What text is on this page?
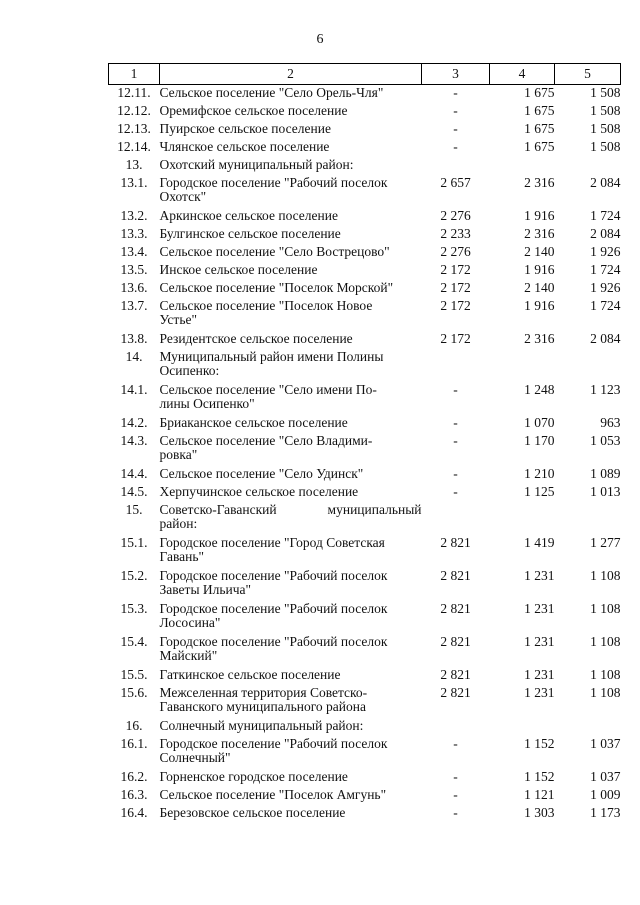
6
1	2	3	4	5
12.11.	Сельское поселение "Село Орель-Чля"	-	1 675	1 508
12.12.	Оремифское сельское поселение	-	1 675	1 508
12.13.	Пуирское сельское поселение	-	1 675	1 508
12.14.	Члянское сельское поселение	-	1 675	1 508
13.	Охотский муниципальный район:			

13.1.	Городское поселение "Рабочий поселок
Охотск"	2 657	2 316	2 084
13.2.	Аркинское сельское поселение	2 276	1 916	1 724
13.3.	Булгинское сельское поселение	2 233	2 316	2 084
13.4.	Сельское поселение "Село Вострецово"	2 276	2 140	1 926
13.5.	Инское сельское поселение	2 172	1 916	1 724
13.6.	Сельское поселение "Поселок Морской"	2 172	2 140	1 926
13.7.	Сельское поселение "Поселок Новое
Устье"	2 172	1 916	1 724
13.8.	Резидентское сельское поселение	2 172	2 316	2 084
14.	Муниципальный район имени Полины
Осипенко:			

14.1.	Сельское поселение "Село имени По-
лины Осипенко"	-	1 248	1 123
14.2.	Бриаканское сельское поселение	-	1 070	963
14.3.	Сельское поселение "Село Владими-
ровка"	-	1 170	1 053
14.4.	Сельское поселение "Село Удинск"	-	1 210	1 089
14.5.	Херпучинское сельское поселение	-	1 125	1 013
15.	Советско-Гаванский муниципальный
район:			

15.1.	Городское поселение "Город Советская
Гавань"	2 821	1 419	1 277
15.2.	Городское поселение "Рабочий поселок
Заветы Ильича"	2 821	1 231	1 108
15.3.	Городское поселение "Рабочий поселок
Лососина"	2 821	1 231	1 108
15.4.	Городское поселение "Рабочий поселок
Майский"	2 821	1 231	1 108
15.5.	Гаткинское сельское поселение	2 821	1 231	1 108
15.6.	Межселенная территория Советско-
Гаванского муниципального района	2 821	1 231	1 108
16.	Солнечный муниципальный район:			

16.1.	Городское поселение "Рабочий поселок
Солнечный"	-	1 152	1 037
16.2.	Горненское городское поселение	-	1 152	1 037
16.3.	Сельское поселение "Поселок Амгунь"	-	1 121	1 009
16.4.	Березовское сельское поселение	-	1 303	1 173
